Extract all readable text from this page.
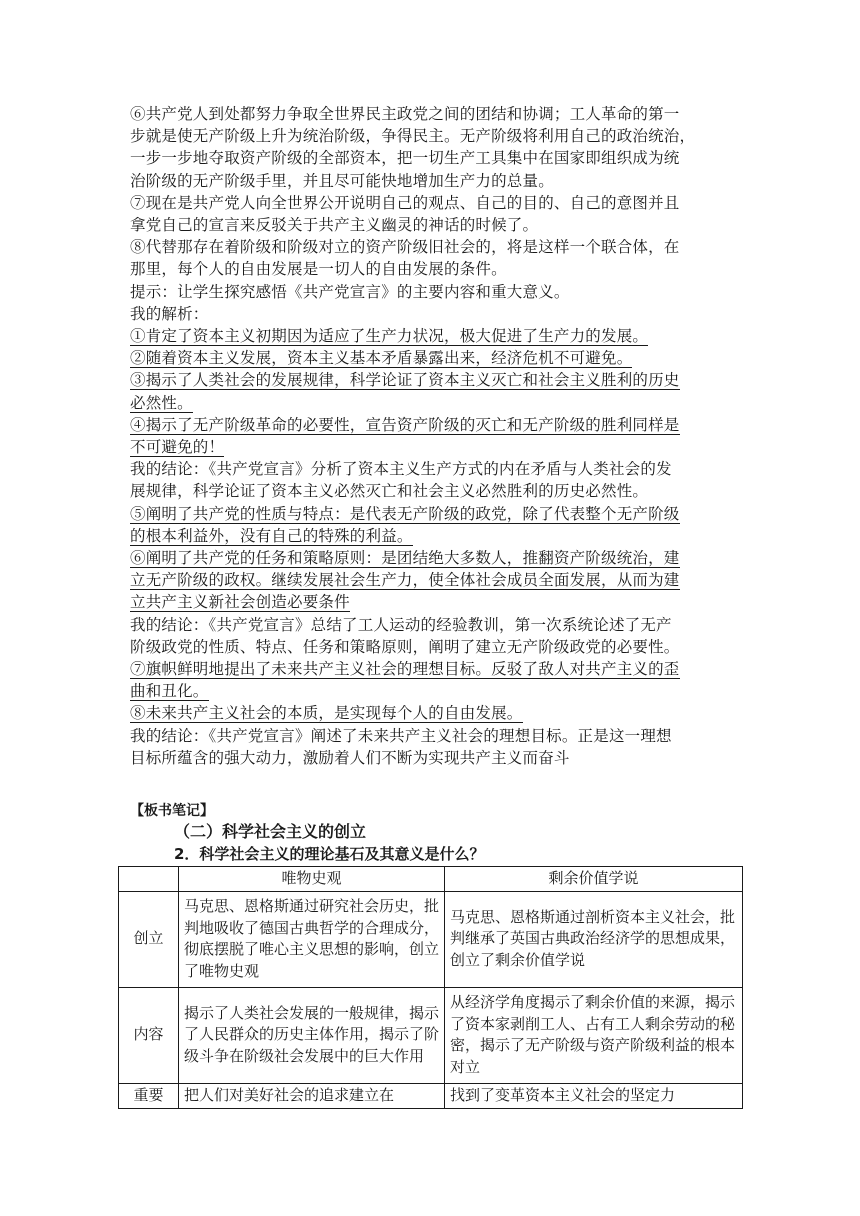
⑥共产党人到处都努力争取全世界民主政党之间的团结和协调；工人革命的第一
步就是使无产阶级上升为统治阶级，争得民主。无产阶级将利用自己的政治统治，
一步一步地夺取资产阶级的全部资本，把一切生产工具集中在国家即组织成为统
治阶级的无产阶级手里，并且尽可能快地增加生产力的总量。
⑦现在是共产党人向全世界公开说明自己的观点、自己的目的、自己的意图并且
拿党自己的宣言来反驳关于共产主义幽灵的神话的时候了。
⑧代替那存在着阶级和阶级对立的资产阶级旧社会的，将是这样一个联合体，在
那里，每个人的自由发展是一切人的自由发展的条件。
提示：让学生探究感悟《共产党宣言》的主要内容和重大意义。
我的解析：
①肯定了资本主义初期因为适应了生产力状况，极大促进了生产力的发展。
②随着资本主义发展，资本主义基本矛盾暴露出来，经济危机不可避免。
③揭示了人类社会的发展规律，科学论证了资本主义灭亡和社会主义胜利的历史
必然性。
④揭示了无产阶级革命的必要性，宣告资产阶级的灭亡和无产阶级的胜利同样是
不可避免的！
我的结论：《共产党宣言》分析了资本主义生产方式的内在矛盾与人类社会的发
展规律，科学论证了资本主义必然灭亡和社会主义必然胜利的历史必然性。
⑤阐明了共产党的性质与特点：是代表无产阶级的政党，除了代表整个无产阶级
的根本利益外，没有自己的特殊的利益。
⑥阐明了共产党的任务和策略原则：是团结绝大多数人，推翻资产阶级统治，建
立无产阶级的政权。继续发展社会生产力，使全体社会成员全面发展，从而为建
立共产主义新社会创造必要条件
我的结论：《共产党宣言》总结了工人运动的经验教训，第一次系统论述了无产
阶级政党的性质、特点、任务和策略原则，阐明了建立无产阶级政党的必要性。
⑦旗帜鲜明地提出了未来共产主义社会的理想目标。反驳了敌人对共产主义的歪
曲和丑化。
⑧未来共产主义社会的本质，是实现每个人的自由发展。
我的结论：《共产党宣言》阐述了未来共产主义社会的理想目标。正是这一理想
目标所蕴含的强大动力，激励着人们不断为实现共产主义而奋斗
【板书笔记】
（二）科学社会主义的创立
2．科学社会主义的理论基石及其意义是什么？
	唯物史观	剩余价值学说
创立	马克思、恩格斯通过研究社会历史，批判地吸收了德国古典哲学的合理成分，彻底摆脱了唯心主义思想的影响，创立了唯物史观	马克思、恩格斯通过剖析资本主义社会，批判继承了英国古典政治经济学的思想成果，创立了剩余价值学说
内容	揭示了人类社会发展的一般规律，揭示了人民群众的历史主体作用，揭示了阶级斗争在阶级社会发展中的巨大作用	从经济学角度揭示了剩余价值的来源，揭示了资本家剥削工人、占有工人剩余劳动的秘密，揭示了无产阶级与资产阶级利益的根本对立
重要	把人们对美好社会的追求建立在	找到了变革资本主义社会的坚定力
